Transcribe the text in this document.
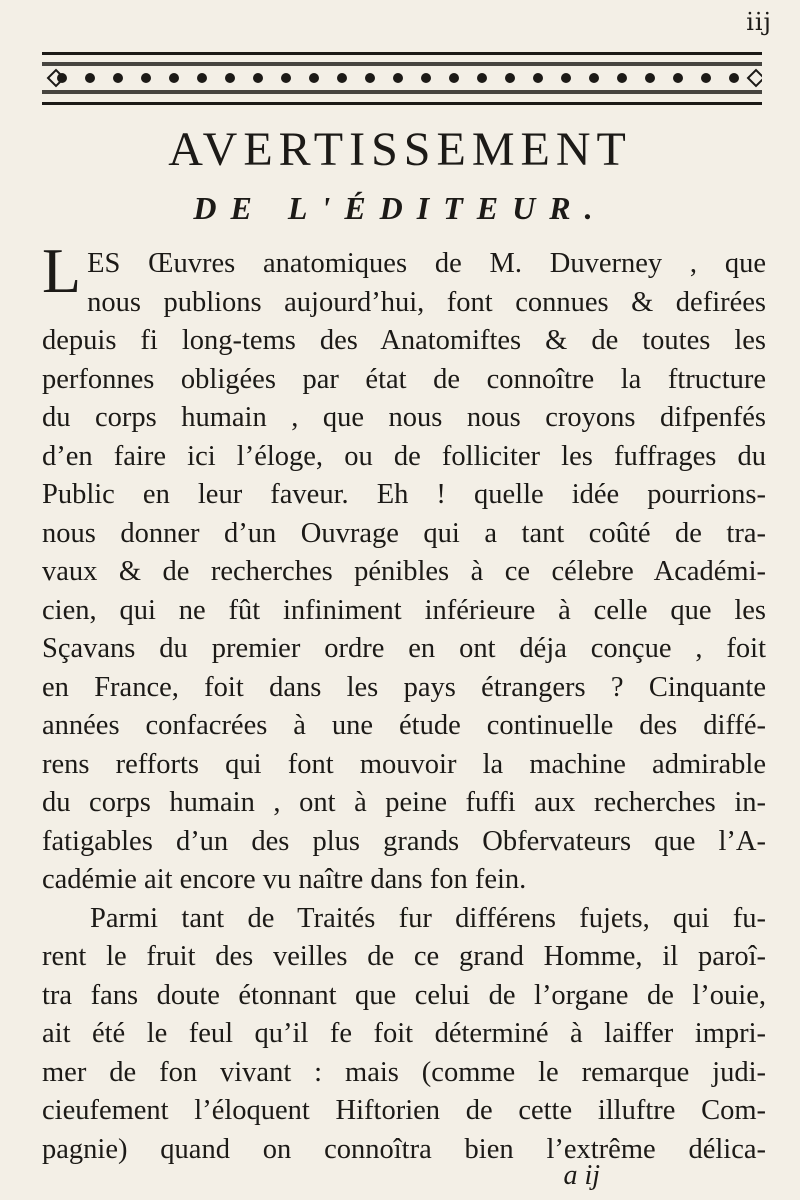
iij
AVERTISSEMENT
DE L'ÉDITEUR.
L ES Œuvres anatomiques de M. Duverney , que
nous publions aujourd’hui, font connues & defirées
depuis fi long-tems des Anatomiftes & de toutes les
perfonnes obligées par état de connoître la ftructure
du corps humain , que nous nous croyons difpenfés
d’en faire ici l’éloge, ou de folliciter les fuffrages du
Public en leur faveur. Eh ! quelle idée pourrions-
nous donner d’un Ouvrage qui a tant coûté de tra-
vaux & de recherches pénibles à ce célebre Académi-
cien, qui ne fût infiniment inférieure à celle que les
Sçavans du premier ordre en ont déja conçue , foit
en France, foit dans les pays étrangers ? Cinquante
années confacrées à une étude continuelle des diffé-
rens refforts qui font mouvoir la machine admirable
du corps humain , ont à peine fuffi aux recherches in-
fatigables d’un des plus grands Obfervateurs que l’A-
cadémie ait encore vu naître dans fon fein.
Parmi tant de Traités fur différens fujets, qui fu-
rent le fruit des veilles de ce grand Homme, il paroî-
tra fans doute étonnant que celui de l’organe de l’ouie,
ait été le feul qu’il fe foit déterminé à laiffer impri-
mer de fon vivant : mais (comme le remarque judi-
cieufement l’éloquent Hiftorien de cette illuftre Com-
pagnie) quand on connoîtra bien l’extrême délica-
a ij
